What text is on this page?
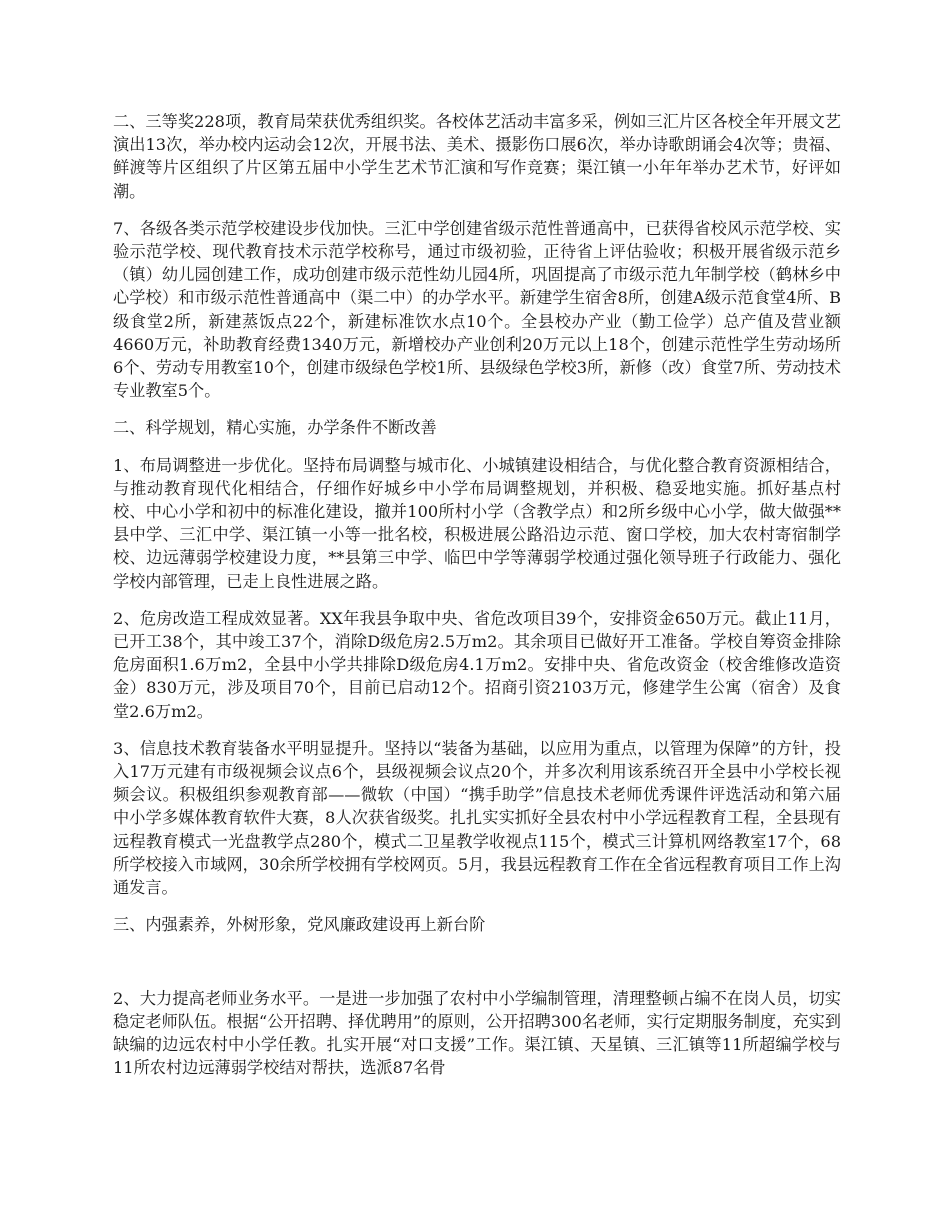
二、三等奖228项，教育局荣获优秀组织奖。各校体艺活动丰富多采，例如三汇片区各校全年开展文艺演出13次，举办校内运动会12次，开展书法、美术、摄影伤口展6次，举办诗歌朗诵会4次等；贵福、鲜渡等片区组织了片区第五届中小学生艺术节汇演和写作竞赛；渠江镇一小年年举办艺术节，好评如潮。

7、各级各类示范学校建设步伐加快。三汇中学创建省级示范性普通高中，已获得省校风示范学校、实验示范学校、现代教育技术示范学校称号，通过市级初验，正待省上评估验收；积极开展省级示范乡（镇）幼儿园创建工作，成功创建市级示范性幼儿园4所，巩固提高了市级示范九年制学校（鹤林乡中心学校）和市级示范性普通高中（渠二中）的办学水平。新建学生宿舍8所，创建A级示范食堂4所、B级食堂2所，新建蒸饭点22个，新建标准饮水点10个。全县校办产业（勤工俭学）总产值及营业额4660万元，补助教育经费1340万元，新增校办产业创利20万元以上18个，创建示范性学生劳动场所6个、劳动专用教室10个，创建市级绿色学校1所、县级绿色学校3所，新修（改）食堂7所、劳动技术专业教室5个。

二、科学规划，精心实施，办学条件不断改善

1、布局调整进一步优化。坚持布局调整与城市化、小城镇建设相结合，与优化整合教育资源相结合，与推动教育现代化相结合，仔细作好城乡中小学布局调整规划，并积极、稳妥地实施。抓好基点村校、中心小学和初中的标准化建设，撤并100所村小学（含教学点）和2所乡级中心小学，做大做强**县中学、三汇中学、渠江镇一小等一批名校，积极进展公路沿边示范、窗口学校，加大农村寄宿制学校、边远薄弱学校建设力度，**县第三中学、临巴中学等薄弱学校通过强化领导班子行政能力、强化学校内部管理，已走上良性进展之路。

2、危房改造工程成效显著。XX年我县争取中央、省危改项目39个，安排资金650万元。截止11月，已开工38个，其中竣工37个，消除D级危房2.5万m2。其余项目已做好开工准备。学校自筹资金排除危房面积1.6万m2，全县中小学共排除D级危房4.1万m2。安排中央、省危改资金（校舍维修改造资金）830万元，涉及项目70个，目前已启动12个。招商引资2103万元，修建学生公寓（宿舍）及食堂2.6万m2。

3、信息技术教育装备水平明显提升。坚持以“装备为基础，以应用为重点，以管理为保障”的方针，投入17万元建有市级视频会议点6个，县级视频会议点20个，并多次利用该系统召开全县中小学校长视频会议。积极组织参观教育部——微软（中国）“携手助学”信息技术老师优秀课件评选活动和第六届中小学多媒体教育软件大赛，8人次获省级奖。扎扎实实抓好全县农村中小学远程教育工程，全县现有远程教育模式一光盘教学点280个，模式二卫星教学收视点115个，模式三计算机网络教室17个，68所学校接入市域网，30余所学校拥有学校网页。5月，我县远程教育工作在全省远程教育项目工作上沟通发言。

三、内强素养，外树形象，党风廉政建设再上新台阶

2、大力提高老师业务水平。一是进一步加强了农村中小学编制管理，清理整顿占编不在岗人员，切实稳定老师队伍。根据“公开招聘、择优聘用”的原则，公开招聘300名老师，实行定期服务制度，充实到缺编的边远农村中小学任教。扎实开展“对口支援”工作。渠江镇、天星镇、三汇镇等11所超编学校与11所农村边远薄弱学校结对帮扶，选派87名骨
